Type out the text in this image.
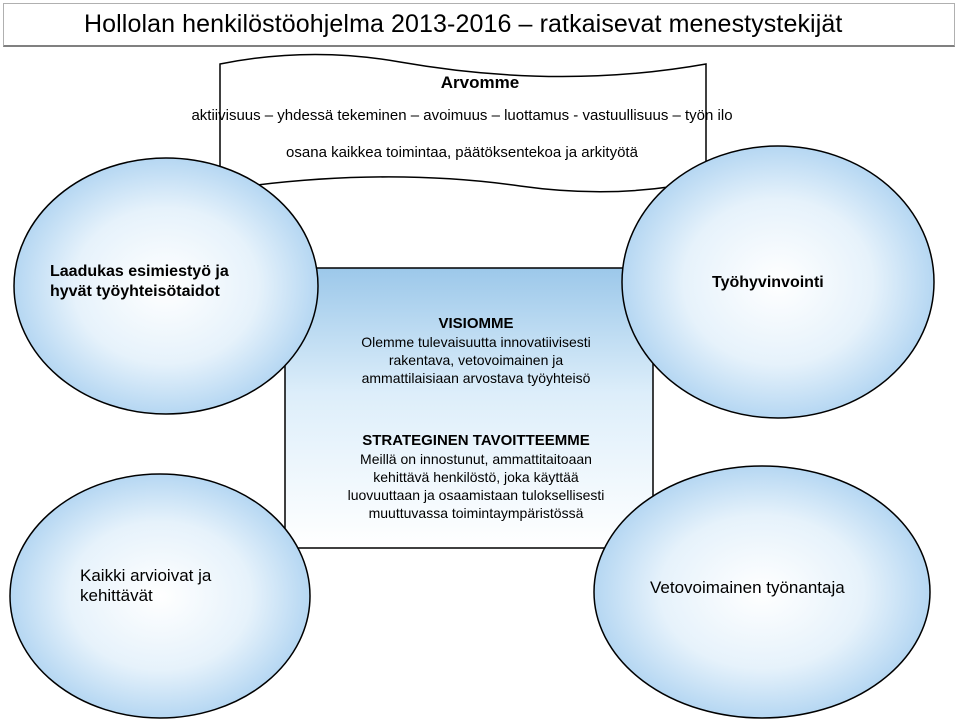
Hollolan henkilöstöohjelma 2013-2016 – ratkaisevat menestystekijät
Arvomme
aktiivisuus – yhdessä tekeminen – avoimuus – luottamus - vastuullisuus – työn ilo
osana kaikkea toimintaa, päätöksentekoa ja arkityötä
VISIOMME
Olemme tulevaisuutta innovatiivisesti
rakentava, vetovoimainen ja
ammattilaisiaan arvostava työyhteisö
STRATEGINEN TAVOITTEEMME
Meillä on innostunut, ammattitaitoaan
kehittävä henkilöstö, joka käyttää
luovuuttaan ja osaamistaan tuloksellisesti
muuttuvassa toimintaympäristössä
Laadukas esimiestyö ja
hyvät työyhteisötaidot
Työhyvinvointi
Kaikki arvioivat ja
kehittävät	Vetovoimainen työnantaja
